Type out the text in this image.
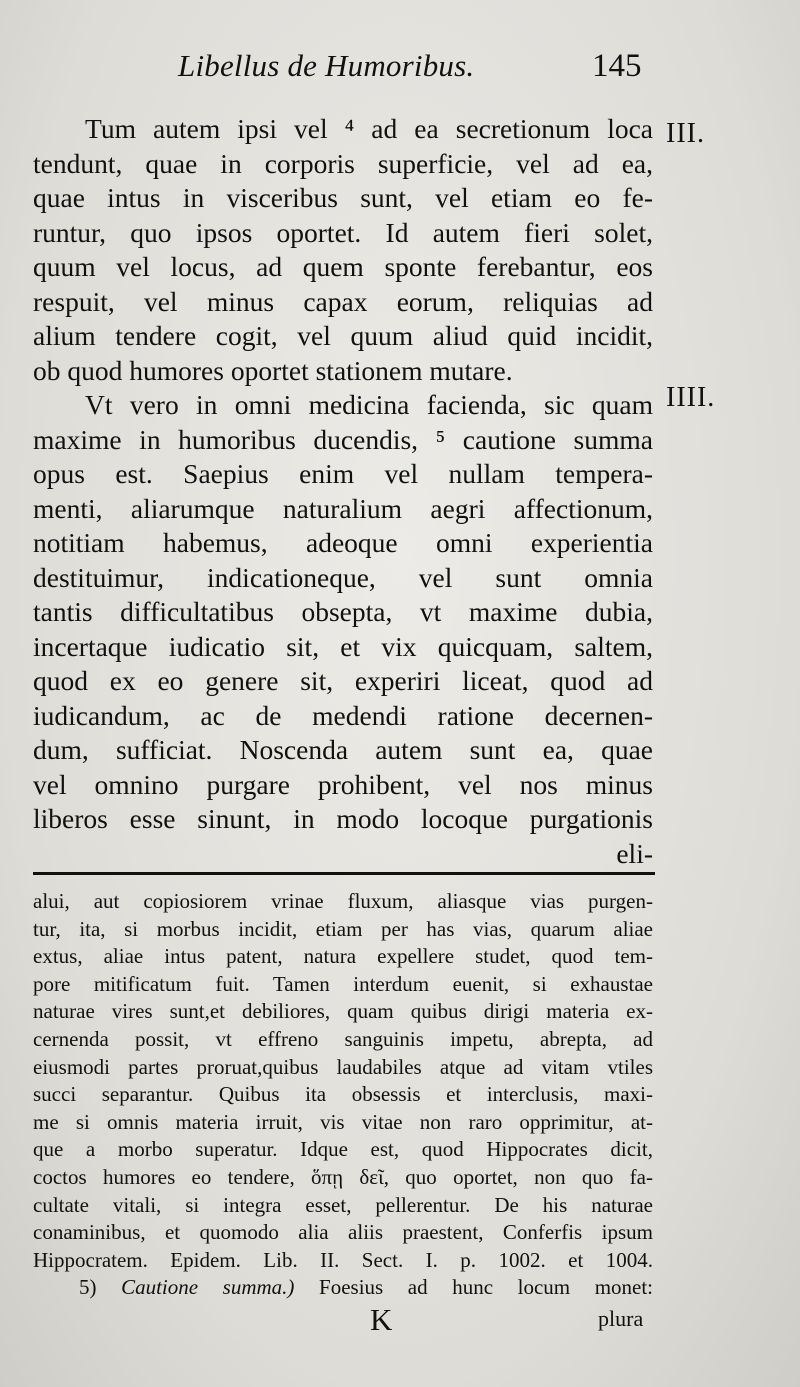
Libellus de Humoribus.	145
III.
IIII.

Tum autem ipsi vel ⁴ ad ea secretionum loca
tendunt, quae in corporis superficie, vel ad ea,
quae intus in visceribus sunt, vel etiam eo fe-
runtur, quo ipsos oportet. Id autem fieri solet,
quum vel locus, ad quem sponte ferebantur, eos
respuit, vel minus capax eorum, reliquias ad
alium tendere cogit, vel quum aliud quid incidit,
ob quod humores oportet stationem mutare.

Vt vero in omni medicina facienda, sic quam
maxime in humoribus ducendis, ⁵ cautione summa
opus est. Saepius enim vel nullam tempera-
menti, aliarumque naturalium aegri affectionum,
notitiam habemus, adeoque omni experientia
destituimur, indicationeque, vel sunt omnia
tantis difficultatibus obsepta, vt maxime dubia,
incertaque iudicatio sit, et vix quicquam, saltem,
quod ex eo genere sit, experiri liceat, quod ad
iudicandum, ac de medendi ratione decernen-
dum, sufficiat. Noscenda autem sunt ea, quae
vel omnino purgare prohibent, vel nos minus
liberos esse sinunt, in modo locoque purgationis
eli-

alui, aut copiosiorem vrinae fluxum, aliasque vias purgen-
tur, ita, si morbus incidit, etiam per has vias, quarum aliae
extus, aliae intus patent, natura expellere studet, quod tem-
pore mitificatum fuit. Tamen interdum euenit, si exhaustae
naturae vires sunt,et debiliores, quam quibus dirigi materia ex-
cernenda possit, vt effreno sanguinis impetu, abrepta, ad
eiusmodi partes proruat,quibus laudabiles atque ad vitam vtiles
succi separantur. Quibus ita obsessis et interclusis, maxi-
me si omnis materia irruit, vis vitae non raro opprimitur, at-
que a morbo superatur. Idque est, quod Hippocrates dicit,
coctos humores eo tendere, ὅπῃ δεῖ, quo oportet, non quo fa-
cultate vitali, si integra esset, pellerentur. De his naturae
conaminibus, et quomodo alia aliis praestent, Conferfis ipsum
Hippocratem. Epidem. Lib. II. Sect. I. p. 1002. et 1004.
5) Cautione summa.) Foesius ad hunc locum monet:
K	plura
